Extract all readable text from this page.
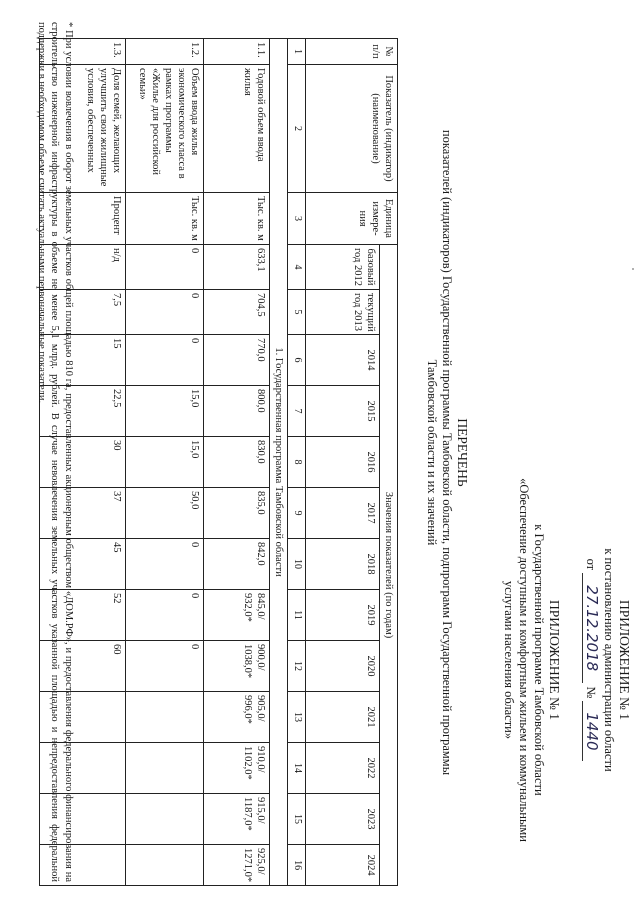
ПРИЛОЖЕНИЕ № 1
к постановлению администрации области
от 27.12.2018 № 1440
ПРИЛОЖЕНИЕ № 1
к Государственной программе Тамбовской области
«Обеспечение доступным и комфортным жильем и коммунальными
услугами населения области»
ПЕРЕЧЕНЬ
показателей (индикаторов) Государственной программы Тамбовской области, подпрограмм Государственной программы
Тамбовской области и их значений
№ п/п	Показатель (индикатор) (наименование)	Единица измере-ния	Значения показателей (по годам)												
			базовый год 2012	текущий год 2013	2014	2015	2016	2017	2018	2019	2020	2021	2022	2023	2024
1	2	3	4	5	6	7	8	9	10	11	12	13	14	15	16
1. Государственная программа Тамбовской области															
1.1.	Годовой объем ввода жилья	Тыс. кв. м	633,1	704,5	770,0	800,0	830,0	835,0	842,0	845,0/ 932,0*	900,0/ 1038,0*	905,0/ 996,0*	910,0/ 1102,0*	915,0/ 1187,0*	925,0/ 1271,0*
1.2.	Объем ввода жилья экономического класса в рамках программы «Жилье для российской семьи»	Тыс. кв. м	0	0	0	15,0	15,0	50,0	0	0	0				
1.3.	Доля семей, желающих улучшить свои жилищные условия, обеспеченных	Процент	н/д	7,5	15	22,5	30	37	45	52	60				
* При условии вовлечения в оборот земельных участков общей площадью 810 га, предоставленных акционерным обществом «ДОМ.РФ», и предоставления федерального финансирования на строительство инженерной инфраструктуры в объеме не менее 5,1 млрд. рублей. В случае невовлечения земельных участков указанной площадью и непредоставления федеральной поддержки в необходимом объеме считать актуальными первоначальные показатели.
